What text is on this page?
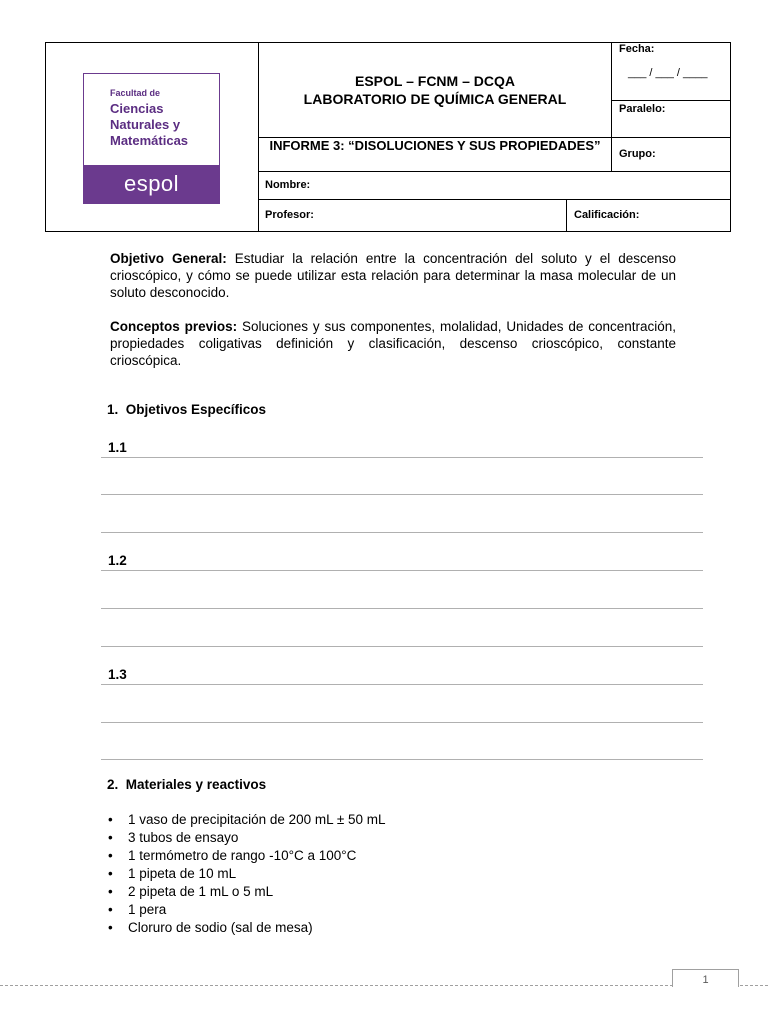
Facultad de
Ciencias Naturales y Matemáticas
espol
ESPOL – FCNM – DCQA
LABORATORIO DE QUÍMICA GENERAL
INFORME 3: “DISOLUCIONES Y SUS PROPIEDADES”
Fecha:
___ / ___ / ____
Paralelo:
Grupo:
Nombre:
Profesor:	Calificación:
Objetivo General: Estudiar la relación entre la concentración del soluto y el descenso crioscópico, y cómo se puede utilizar esta relación para determinar la masa molecular de un soluto desconocido.
Conceptos previos: Soluciones y sus componentes, molalidad, Unidades de concentración, propiedades coligativas definición y clasificación, descenso crioscópico, constante crioscópica.
1.  Objetivos Específicos
1.1
1.2
1.3
2.  Materiales y reactivos
• 1 vaso de precipitación de 200 mL ± 50 mL
• 3 tubos de ensayo
• 1 termómetro de rango -10°C a 100°C
• 1 pipeta de 10 mL
• 2 pipeta de 1 mL o 5 mL
• 1 pera
• Cloruro de sodio (sal de mesa)
1
